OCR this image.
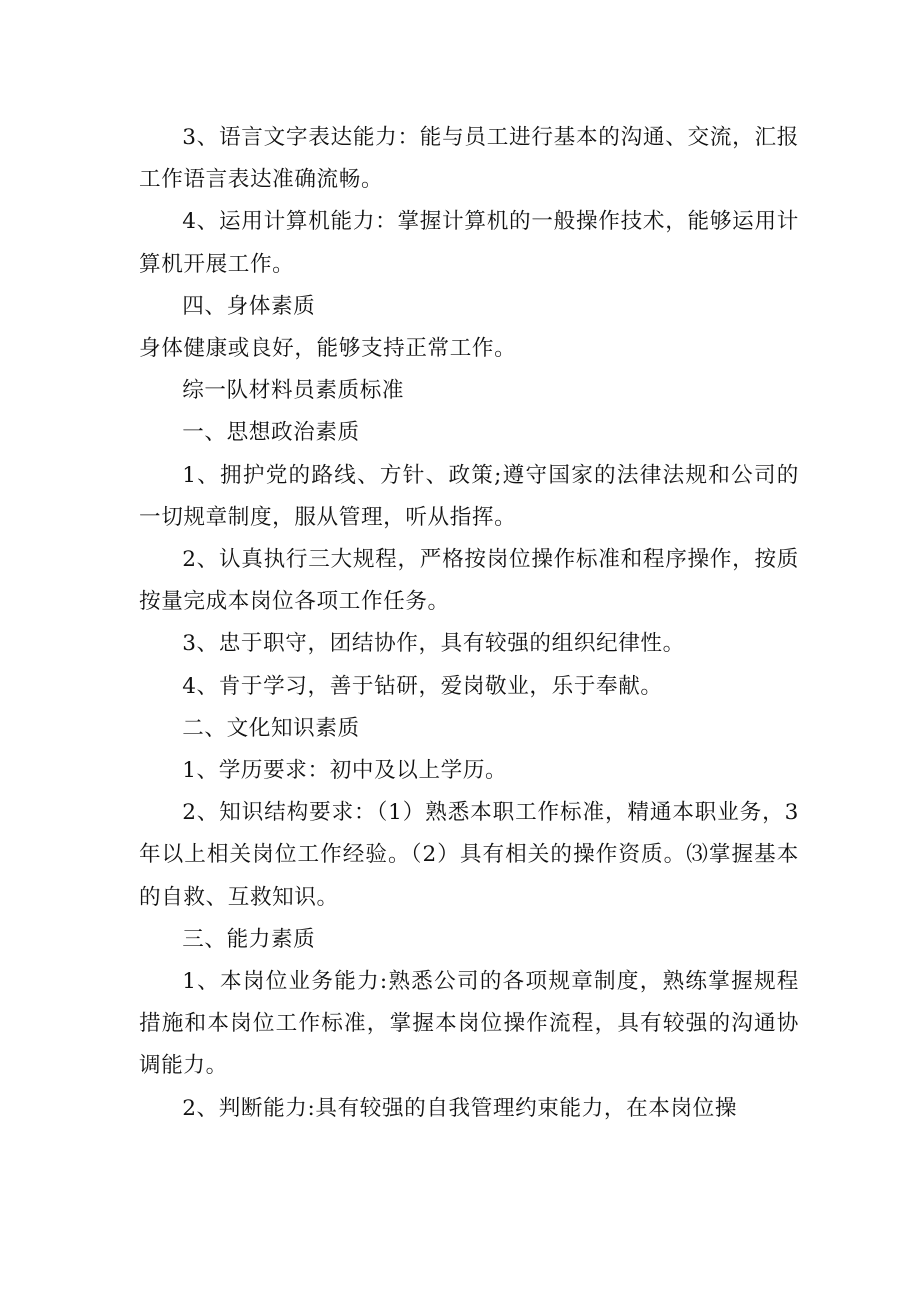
3、语言文字表达能力：能与员工进行基本的沟通、交流，汇报工作语言表达准确流畅。

4、运用计算机能力：掌握计算机的一般操作技术，能够运用计算机开展工作。

四、身体素质

身体健康或良好，能够支持正常工作。

综一队材料员素质标准

一、思想政治素质

1、拥护党的路线、方针、政策;遵守国家的法律法规和公司的一切规章制度，服从管理，听从指挥。

2、认真执行三大规程，严格按岗位操作标准和程序操作，按质按量完成本岗位各项工作任务。

3、忠于职守，团结协作，具有较强的组织纪律性。

4、肯于学习，善于钻研，爱岗敬业，乐于奉献。

二、文化知识素质

1、学历要求：初中及以上学历。

2、知识结构要求：（1）熟悉本职工作标准，精通本职业务，3年以上相关岗位工作经验。（2）具有相关的操作资质。⑶掌握基本的自救、互救知识。

三、能力素质

1、本岗位业务能力:熟悉公司的各项规章制度，熟练掌握规程措施和本岗位工作标准，掌握本岗位操作流程，具有较强的沟通协调能力。

2、判断能力:具有较强的自我管理约束能力，在本岗位操
